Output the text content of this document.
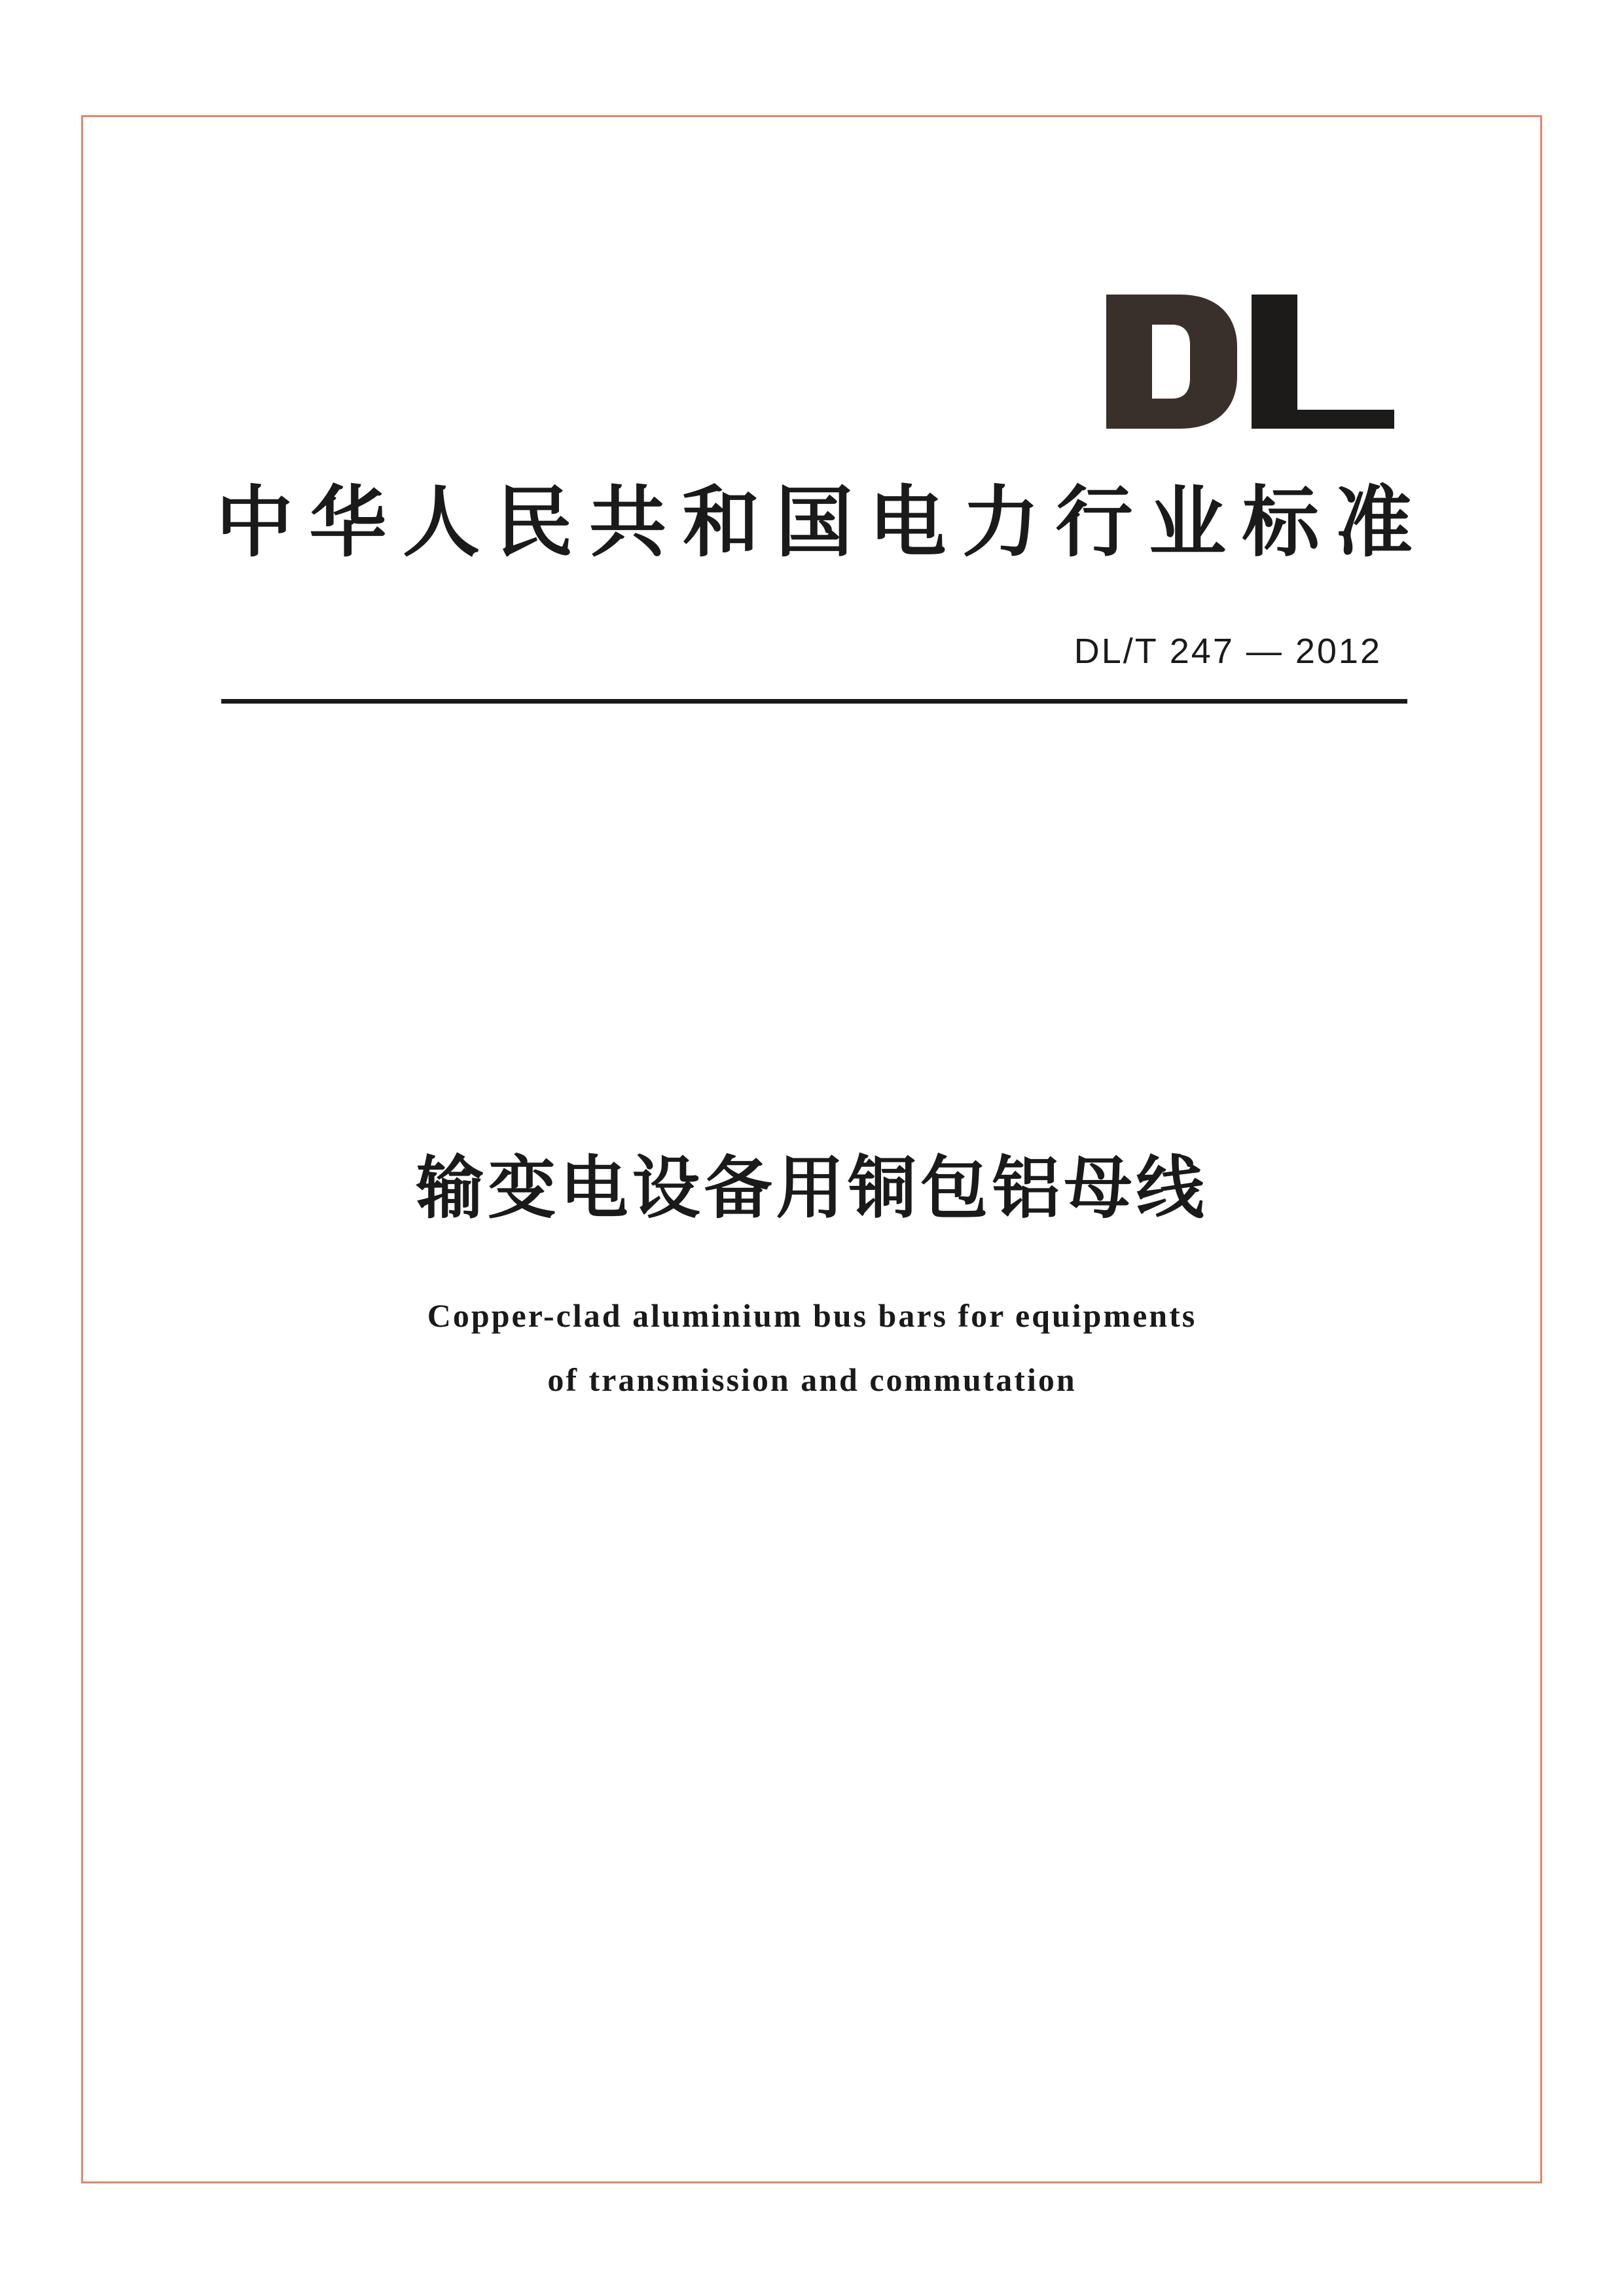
中华人民共和国电力行业标准
DL/T 247 — 2012
输变电设备用铜包铝母线

Copper-clad aluminium bus bars for equipments

of transmission and commutation
